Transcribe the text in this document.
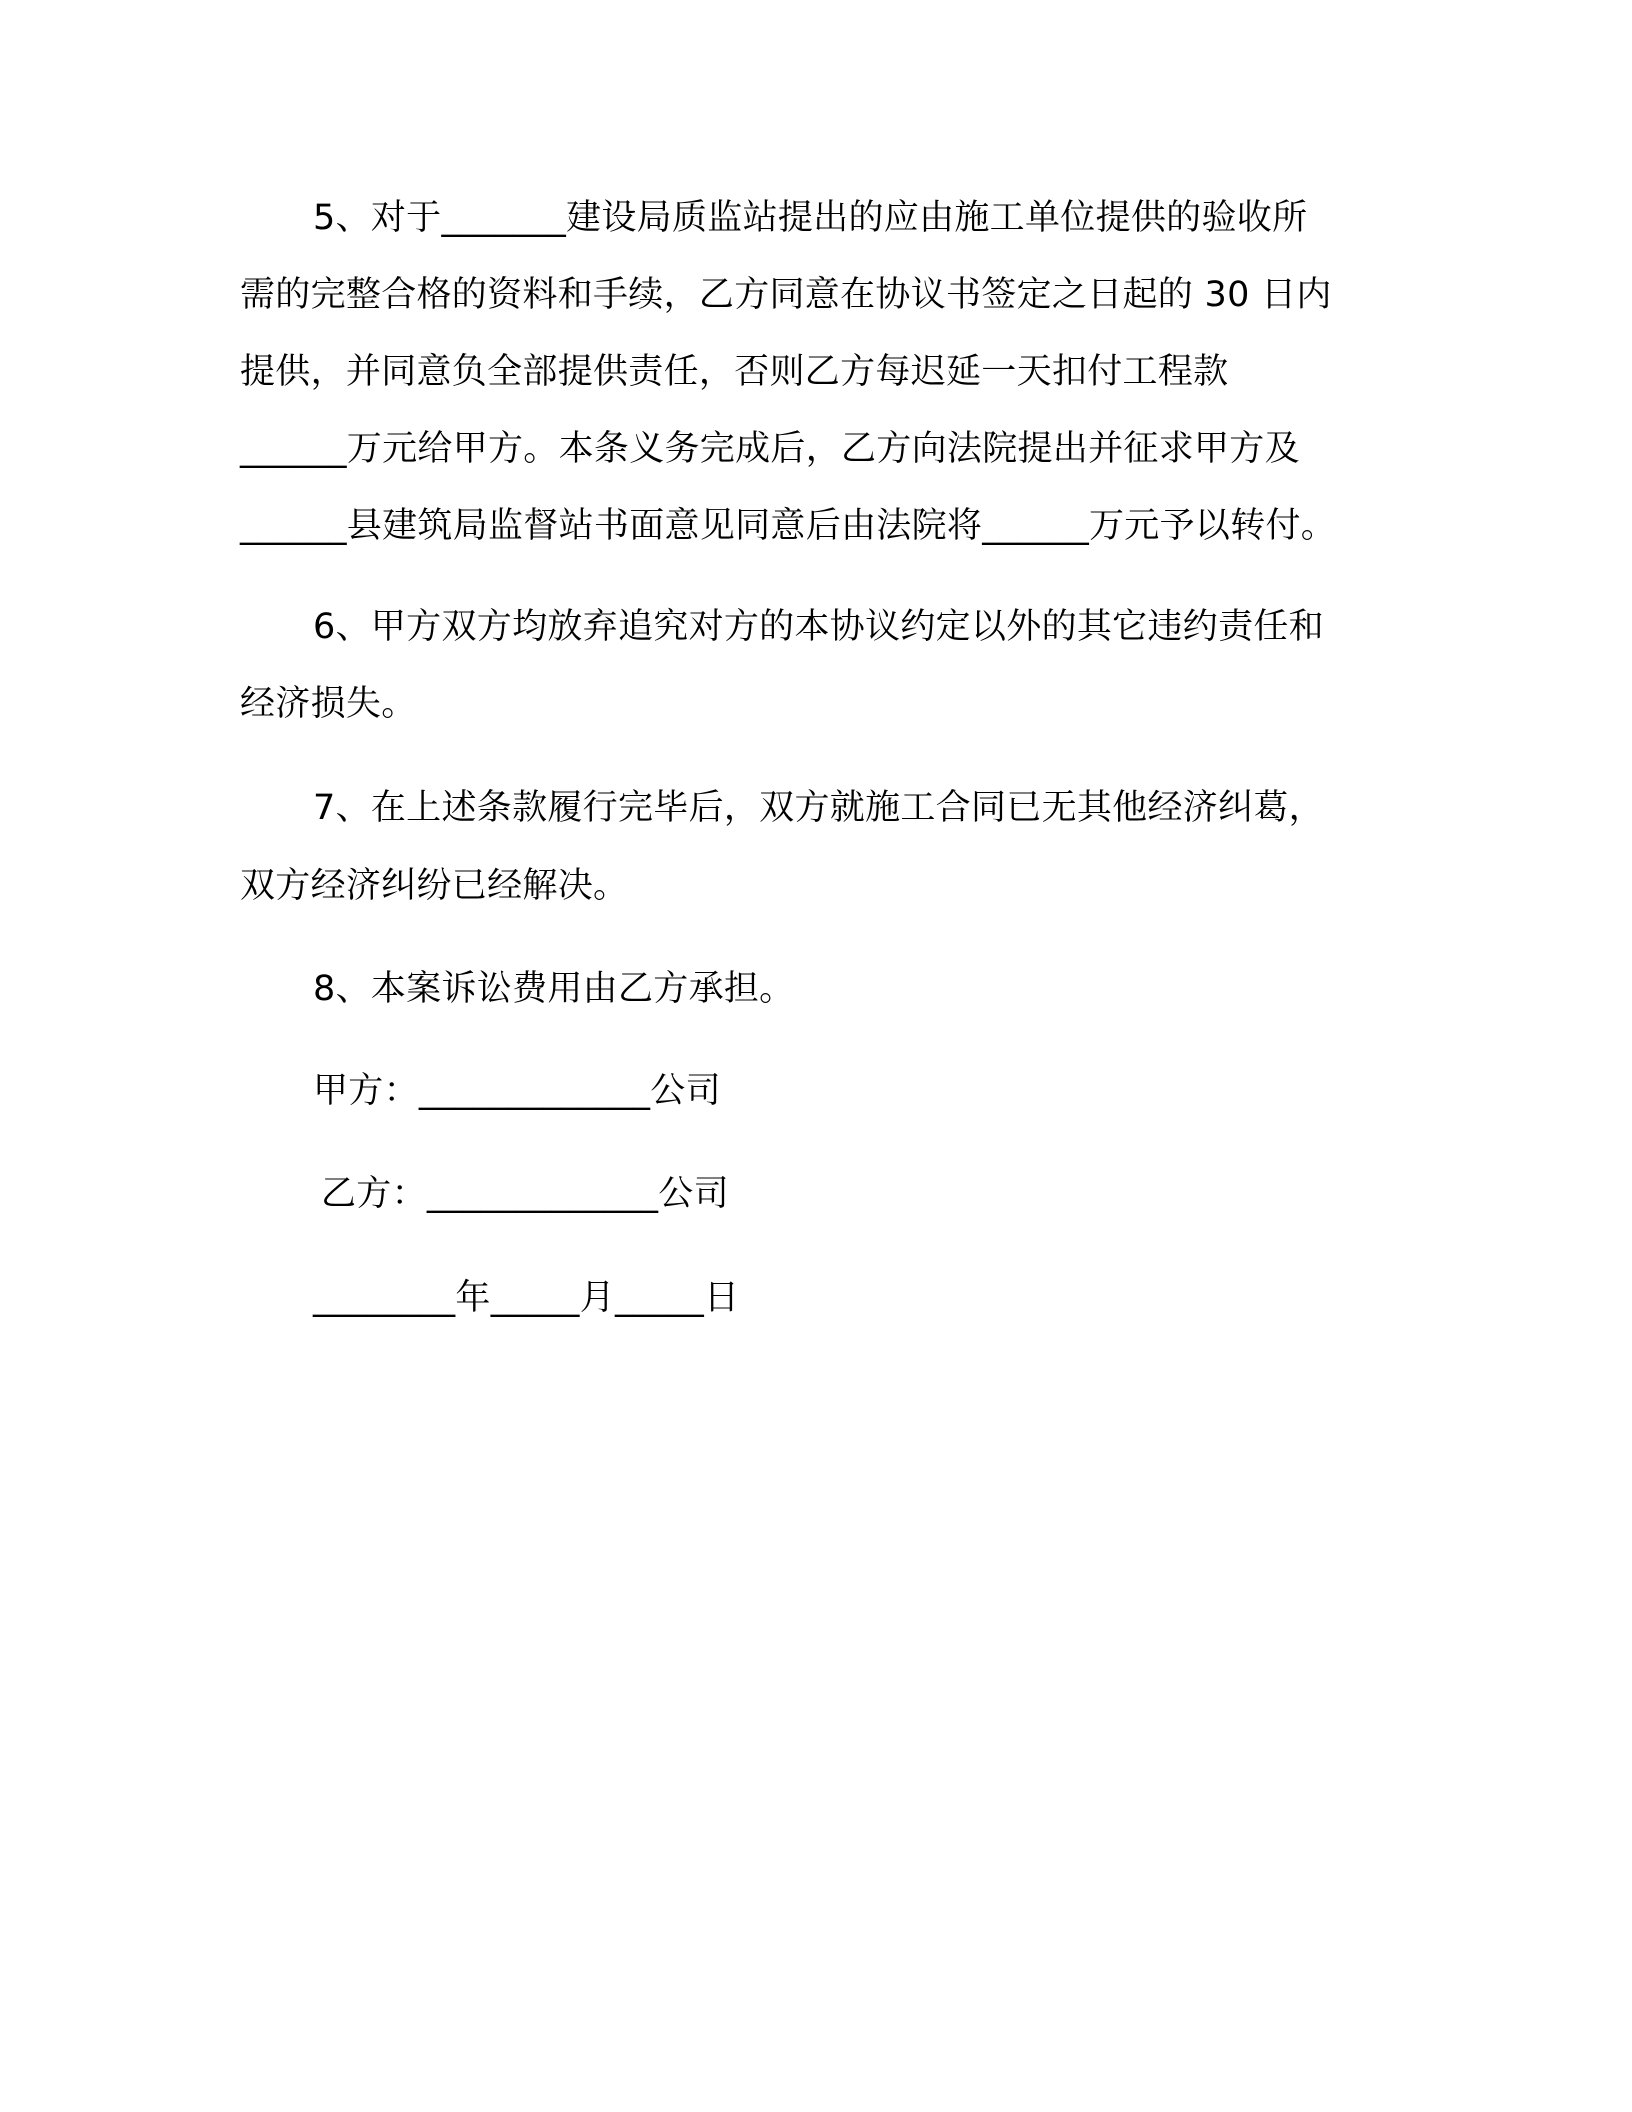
5、对于_______建设局质监站提出的应由施工单位提供的验收所
需的完整合格的资料和手续，乙方同意在协议书签定之日起的 30 日内
提供，并同意负全部提供责任，否则乙方每迟延一天扣付工程款
______万元给甲方。本条义务完成后，乙方向法院提出并征求甲方及
______县建筑局监督站书面意见同意后由法院将______万元予以转付。
6、甲方双方均放弃追究对方的本协议约定以外的其它违约责任和
经济损失。
7、在上述条款履行完毕后，双方就施工合同已无其他经济纠葛，
双方经济纠纷已经解决。
8、本案诉讼费用由乙方承担。
甲方：_____________公司
乙方：_____________公司
________年_____月_____日
